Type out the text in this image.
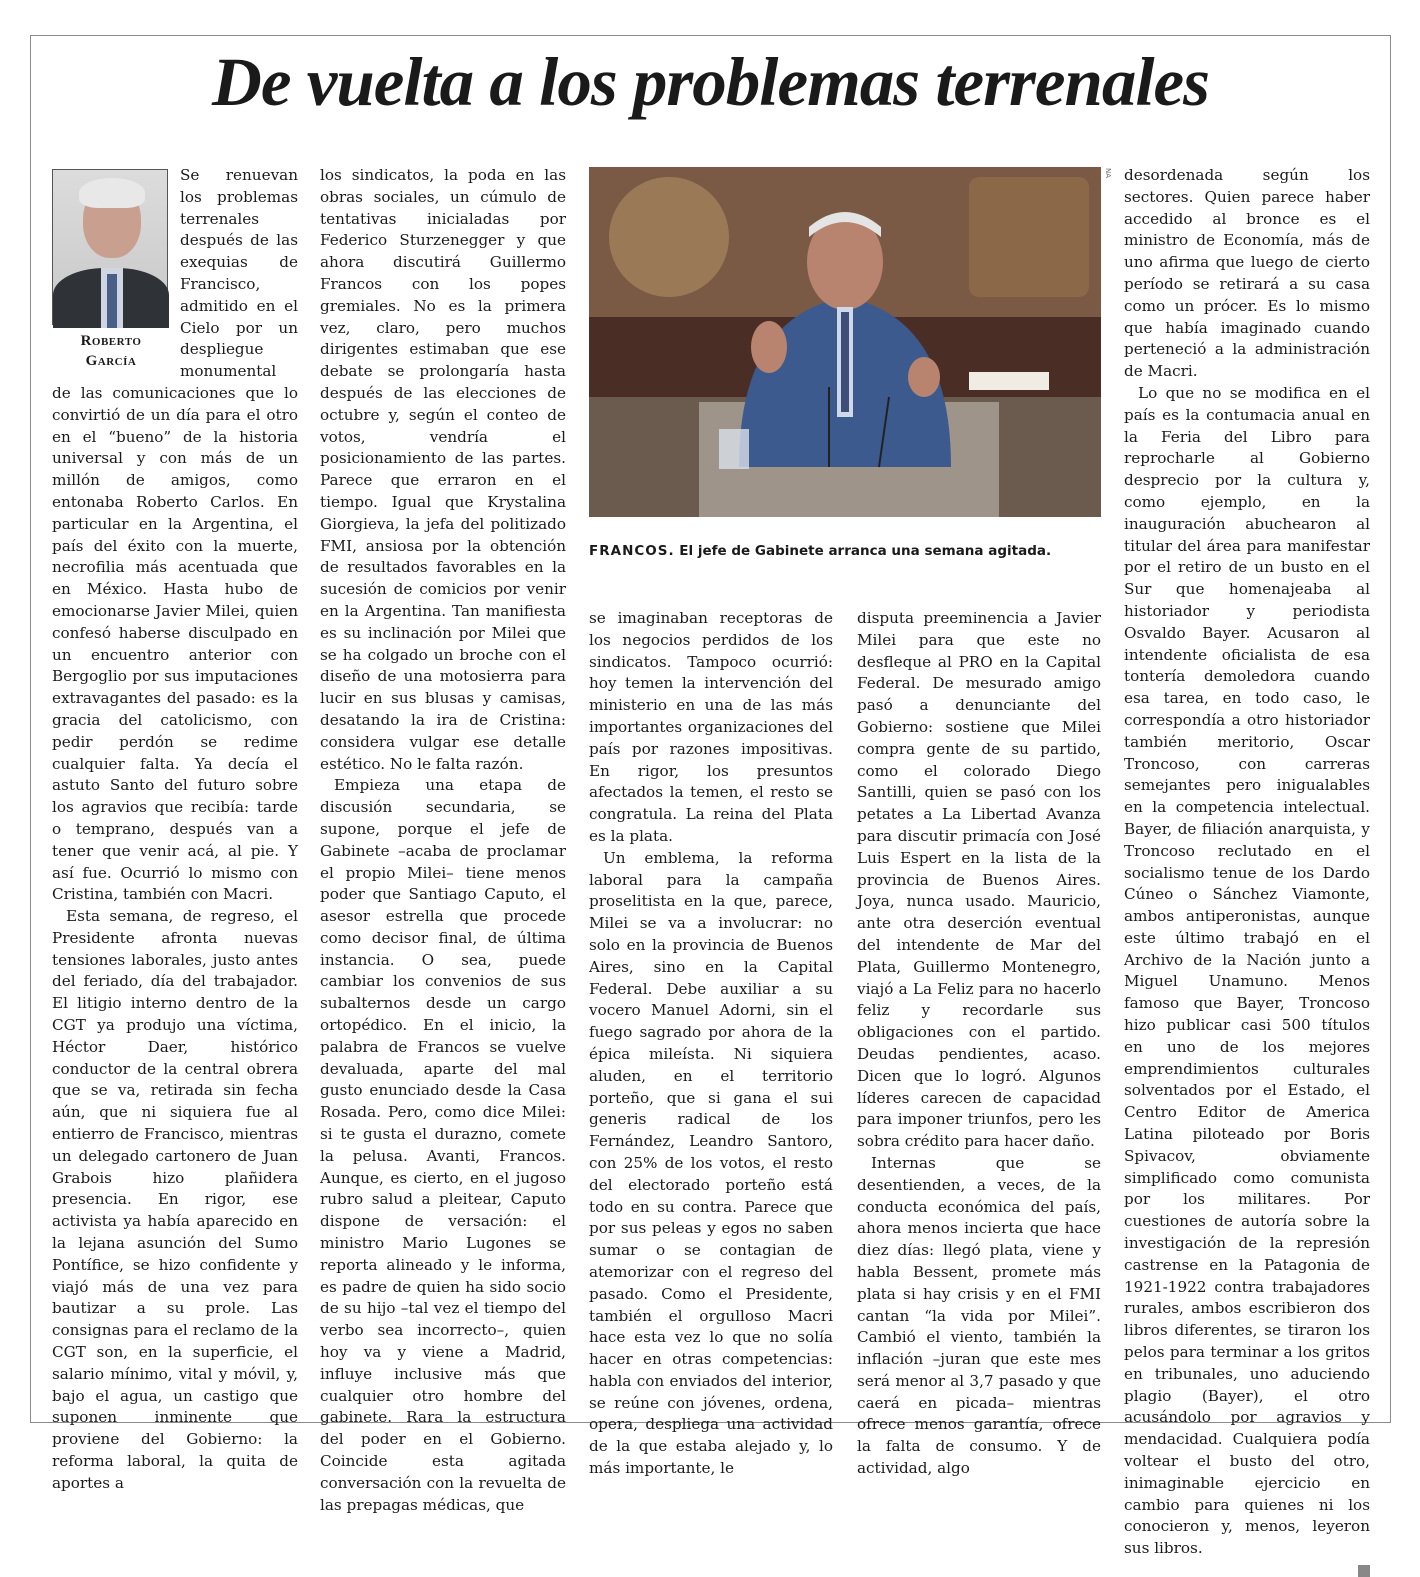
De vuelta a los problemas terrenales
Roberto
García

Se renuevan los problemas terrenales después de las exequias de Francisco, admitido en el Cielo por un despliegue monumental de las comunicaciones que lo convirtió de un día para el otro en el “bueno” de la historia universal y con más de un millón de amigos, como entonaba Roberto Carlos. En particular en la Argentina, el país del éxito con la muerte, necrofilia más acentuada que en México. Hasta hubo de emocionarse Javier Milei, quien confesó haberse disculpado en un encuentro anterior con Bergoglio por sus imputaciones extravagantes del pasado: es la gracia del catolicismo, con pedir perdón se redime cualquier falta. Ya decía el astuto Santo del futuro sobre los agravios que recibía: tarde o temprano, después van a tener que venir acá, al pie. Y así fue. Ocurrió lo mismo con Cristina, también con Macri.

Esta semana, de regreso, el Presidente afronta nuevas tensiones laborales, justo antes del feriado, día del trabajador. El litigio interno dentro de la CGT ya produjo una víctima, Héctor Daer, histórico conductor de la central obrera que se va, retirada sin fecha aún, que ni siquiera fue al entierro de Francisco, mientras un delegado cartonero de Juan Grabois hizo plañidera presencia. En rigor, ese activista ya había aparecido en la lejana asunción del Sumo Pontífice, se hizo confidente y viajó más de una vez para bautizar a su prole. Las consignas para el reclamo de la CGT son, en la superficie, el salario mínimo, vital y móvil, y, bajo el agua, un castigo que suponen inminente que proviene del Gobierno: la reforma laboral, la quita de aportes a

los sindicatos, la poda en las obras sociales, un cúmulo de tentativas inicialadas por Federico Sturzenegger y que ahora discutirá Guillermo Francos con los popes gremiales. No es la primera vez, claro, pero muchos dirigentes estimaban que ese debate se prolongaría hasta después de las elecciones de octubre y, según el conteo de votos, vendría el posicionamiento de las partes. Parece que erraron en el tiempo. Igual que Krystalina Giorgieva, la jefa del politizado FMI, ansiosa por la obtención de resultados favorables en la sucesión de comicios por venir en la Argentina. Tan manifiesta es su inclinación por Milei que se ha colgado un broche con el diseño de una motosierra para lucir en sus blusas y camisas, desatando la ira de Cristina: considera vulgar ese detalle estético. No le falta razón.

Empieza una etapa de discusión secundaria, se supone, porque el jefe de Gabinete –acaba de proclamar el propio Milei– tiene menos poder que Santiago Caputo, el asesor estrella que procede como decisor final, de última instancia. O sea, puede cambiar los convenios de sus subalternos desde un cargo ortopédico. En el inicio, la palabra de Francos se vuelve devaluada, aparte del mal gusto enunciado desde la Casa Rosada. Pero, como dice Milei: si te gusta el durazno, comete la pelusa. Avanti, Francos. Aunque, es cierto, en el jugoso rubro salud a pleitear, Caputo dispone de versación: el ministro Mario Lugones se reporta alineado y le informa, es padre de quien ha sido socio de su hijo –tal vez el tiempo del verbo sea incorrecto–, quien hoy va y viene a Madrid, influye inclusive más que cualquier otro hombre del gabinete. Rara la estructura del poder en el Gobierno. Coincide esta agitada conversación con la revuelta de las prepagas médicas, que

NA
FRANCOS. El jefe de Gabinete arranca una semana agitada.

se imaginaban receptoras de los negocios perdidos de los sindicatos. Tampoco ocurrió: hoy temen la intervención del ministerio en una de las más importantes organizaciones del país por razones impositivas. En rigor, los presuntos afectados la temen, el resto se congratula. La reina del Plata es la plata.

Un emblema, la reforma laboral para la campaña proselitista en la que, parece, Milei se va a involucrar: no solo en la provincia de Buenos Aires, sino en la Capital Federal. Debe auxiliar a su vocero Manuel Adorni, sin el fuego sagrado por ahora de la épica mileísta. Ni siquiera aluden, en el territorio porteño, que si gana el sui generis radical de los Fernández, Leandro Santoro, con 25% de los votos, el resto del electorado porteño está todo en su contra. Parece que por sus peleas y egos no saben sumar o se contagian de atemorizar con el regreso del pasado. Como el Presidente, también el orgulloso Macri hace esta vez lo que no solía hacer en otras competencias: habla con enviados del interior, se reúne con jóvenes, ordena, opera, despliega una actividad de la que estaba alejado y, lo más importante, le

disputa preeminencia a Javier Milei para que este no desfleque al PRO en la Capital Federal. De mesurado amigo pasó a denunciante del Gobierno: sostiene que Milei compra gente de su partido, como el colorado Diego Santilli, quien se pasó con los petates a La Libertad Avanza para discutir primacía con José Luis Espert en la lista de la provincia de Buenos Aires. Joya, nunca usado. Mauricio, ante otra deserción eventual del intendente de Mar del Plata, Guillermo Montenegro, viajó a La Feliz para no hacerlo feliz y recordarle sus obligaciones con el partido. Deudas pendientes, acaso. Dicen que lo logró. Algunos líderes carecen de capacidad para imponer triunfos, pero les sobra crédito para hacer daño.

Internas que se desentienden, a veces, de la conducta económica del país, ahora menos incierta que hace diez días: llegó plata, viene y habla Bessent, promete más plata si hay crisis y en el FMI cantan “la vida por Milei”. Cambió el viento, también la inflación –juran que este mes será menor al 3,7 pasado y que caerá en picada– mientras ofrece menos garantía, ofrece la falta de consumo. Y de actividad, algo

desordenada según los sectores. Quien parece haber accedido al bronce es el ministro de Economía, más de uno afirma que luego de cierto período se retirará a su casa como un prócer. Es lo mismo que había imaginado cuando perteneció a la administración de Macri.

Lo que no se modifica en el país es la contumacia anual en la Feria del Libro para reprocharle al Gobierno desprecio por la cultura y, como ejemplo, en la inauguración abuchearon al titular del área para manifestar por el retiro de un busto en el Sur que homenajeaba al historiador y periodista Osvaldo Bayer. Acusaron al intendente oficialista de esa tontería demoledora cuando esa tarea, en todo caso, le correspondía a otro historiador también meritorio, Oscar Troncoso, con carreras semejantes pero inigualables en la competencia intelectual. Bayer, de filiación anarquista, y Troncoso reclutado en el socialismo tenue de los Dardo Cúneo o Sánchez Viamonte, ambos antiperonistas, aunque este último trabajó en el Archivo de la Nación junto a Miguel Unamuno. Menos famoso que Bayer, Troncoso hizo publicar casi 500 títulos en uno de los mejores emprendimientos culturales solventados por el Estado, el Centro Editor de America Latina piloteado por Boris Spivacov, obviamente simplificado como comunista por los militares. Por cuestiones de autoría sobre la investigación de la represión castrense en la Patagonia de 1921-1922 contra trabajadores rurales, ambos escribieron dos libros diferentes, se tiraron los pelos para terminar a los gritos en tribunales, uno aduciendo plagio (Bayer), el otro acusándolo por agravios y mendacidad. Cualquiera podía voltear el busto del otro, inimaginable ejercicio en cambio para quienes ni los conocieron y, menos, leyeron sus libros.
